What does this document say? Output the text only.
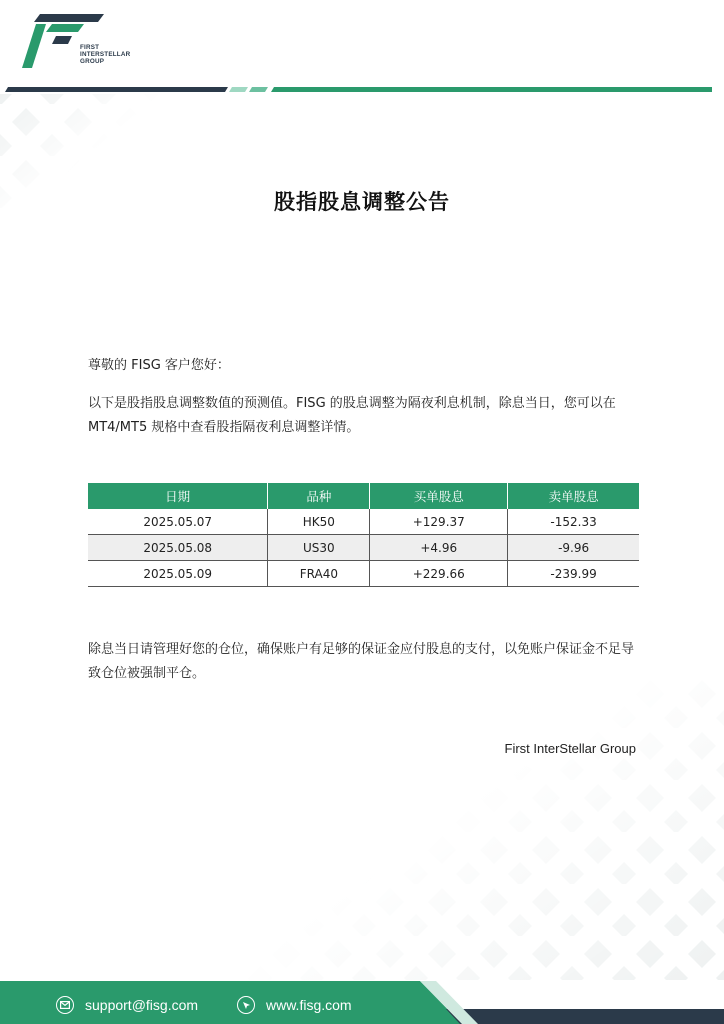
FIRST
INTERSTELLAR
GROUP
股指股息调整公告
尊敬的 FISG 客户您好：
以下是股指股息调整数值的预测值。FISG 的股息调整为隔夜利息机制，除息当日，您可以在 MT4/MT5 规格中查看股指隔夜利息调整详情。
日期	品种	买单股息	卖单股息
2025.05.07	HK50	+129.37	-152.33
2025.05.08	US30	+4.96	-9.96
2025.05.09	FRA40	+229.66	-239.99
除息当日请管理好您的仓位，确保账户有足够的保证金应付股息的支付，以免账户保证金不足导致仓位被强制平仓。
First InterStellar Group
support@fisg.com	www.fisg.com
